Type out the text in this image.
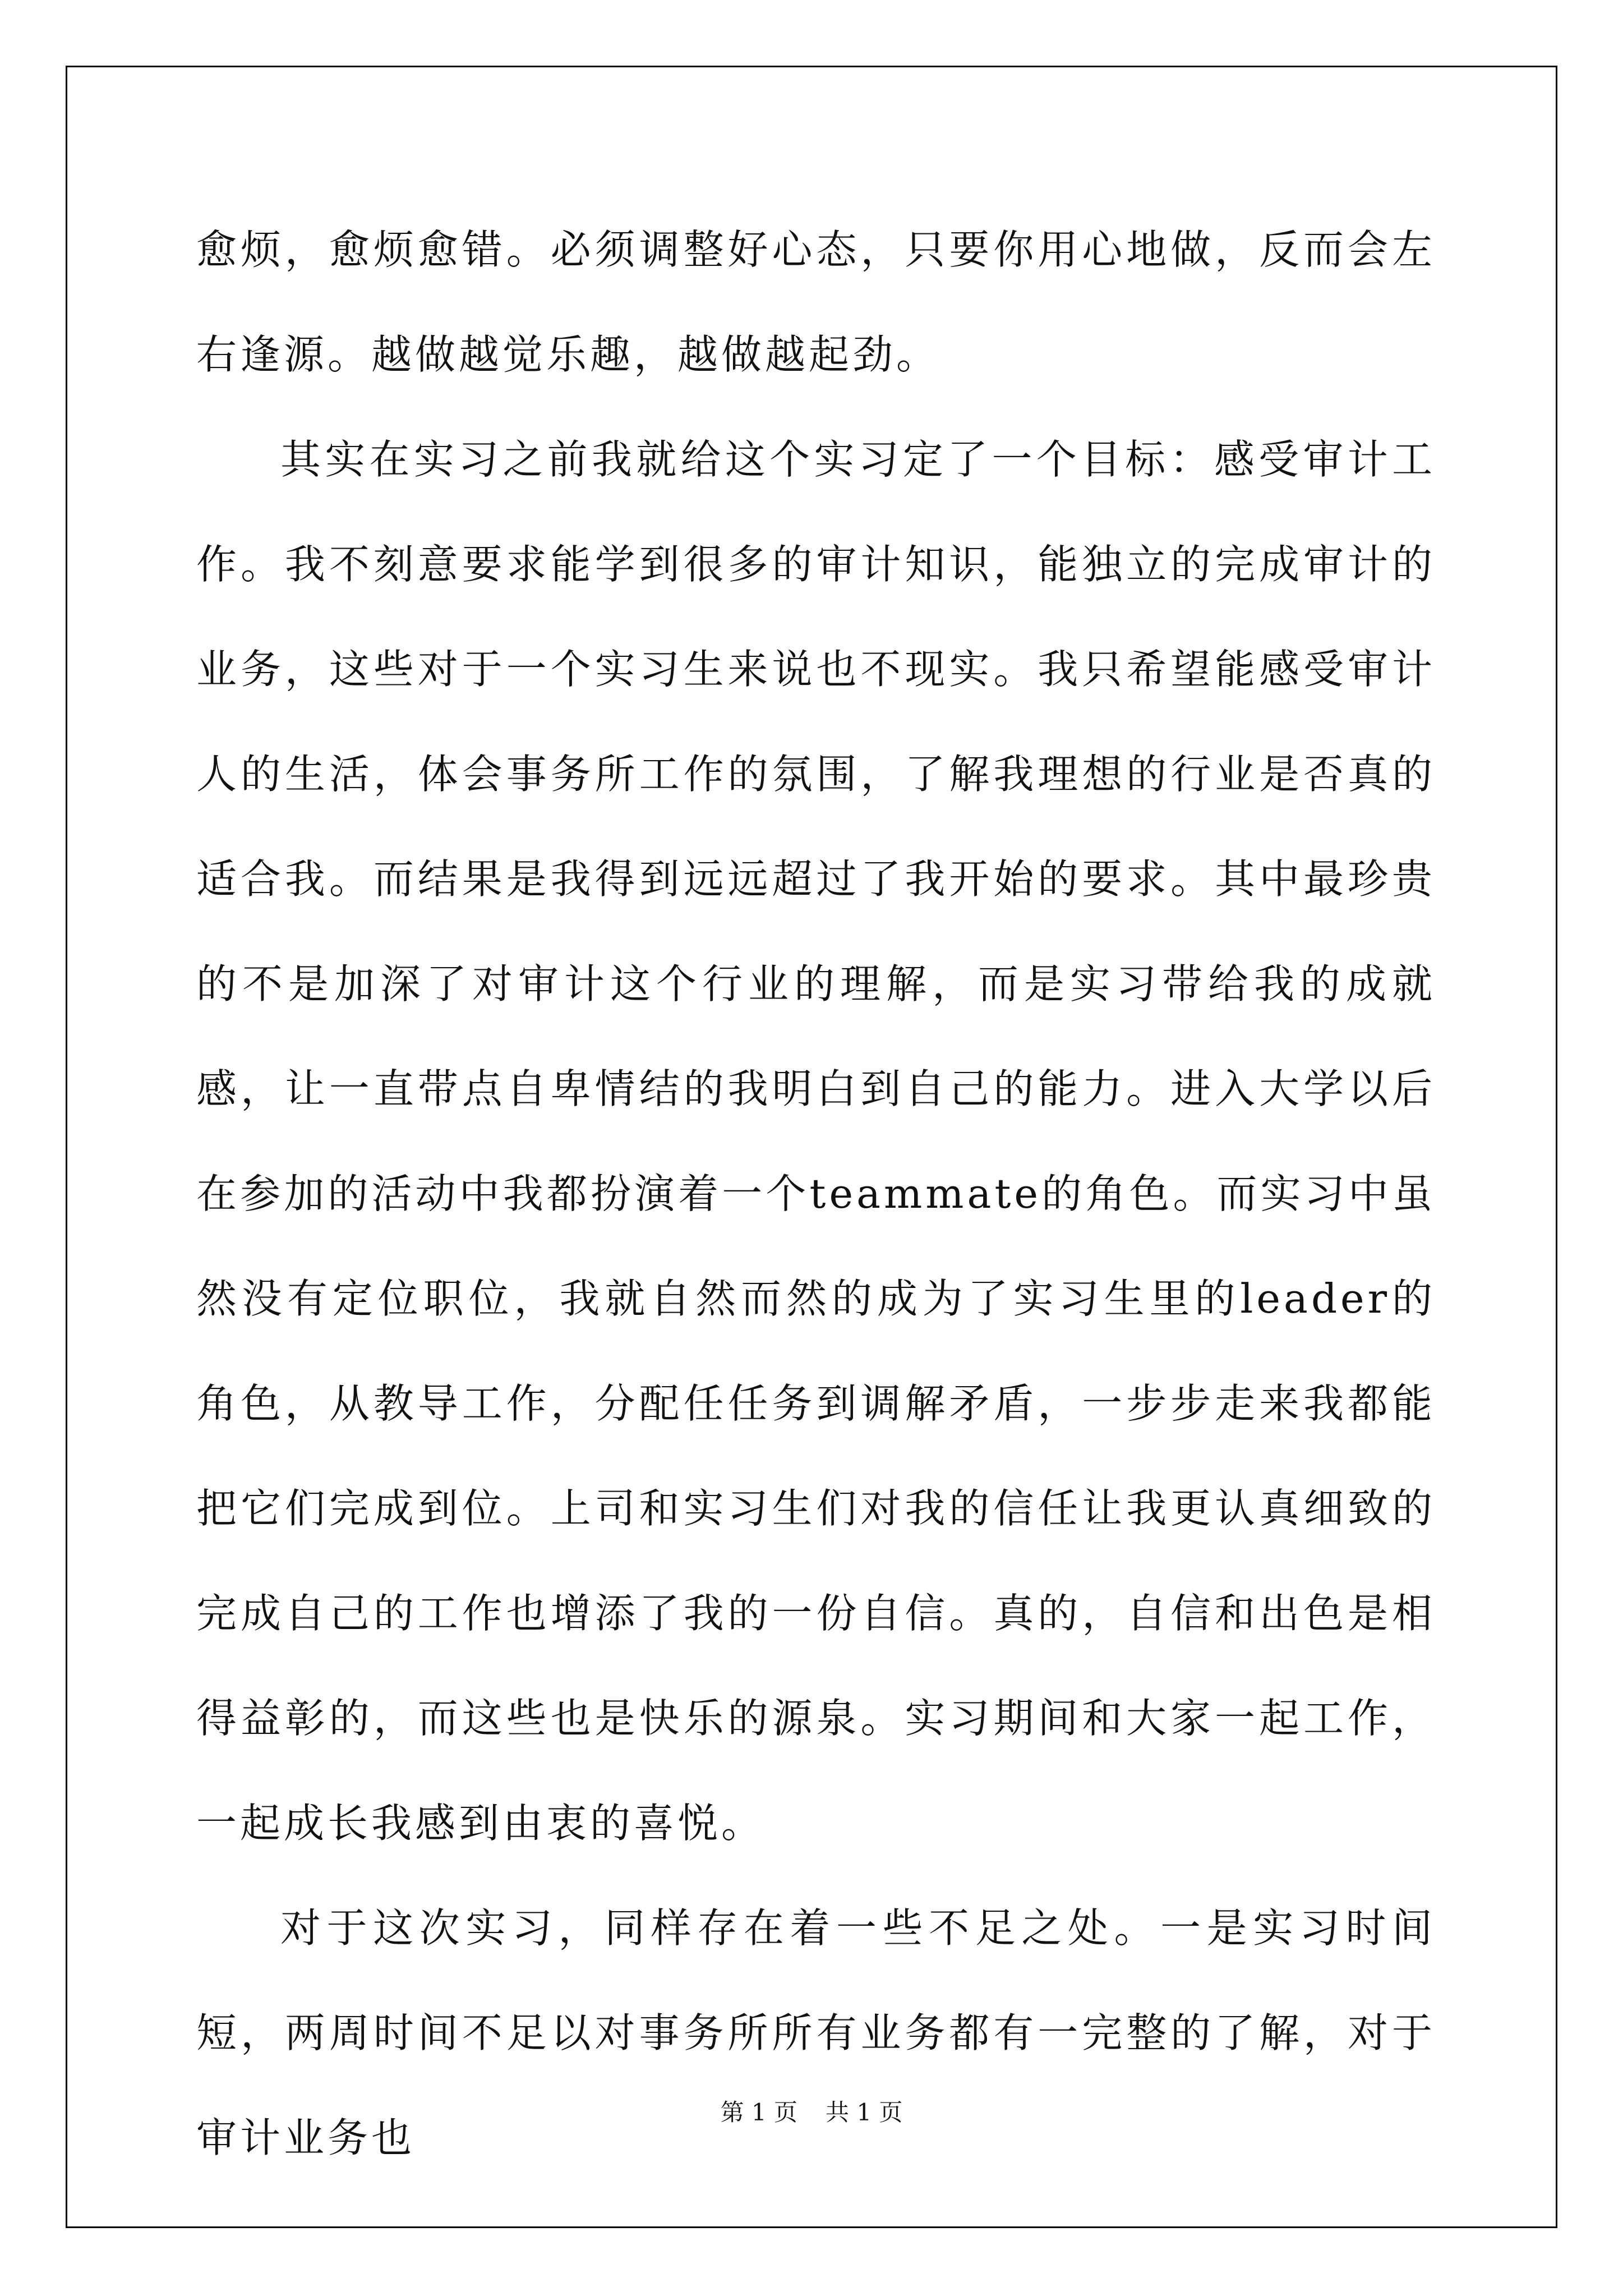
愈烦，愈烦愈错。必须调整好心态，只要你用心地做，反而会左右逢源。越做越觉乐趣，越做越起劲。

其实在实习之前我就给这个实习定了一个目标：感受审计工作。我不刻意要求能学到很多的审计知识，能独立的完成审计的业务，这些对于一个实习生来说也不现实。我只希望能感受审计人的生活，体会事务所工作的氛围，了解我理想的行业是否真的适合我。而结果是我得到远远超过了我开始的要求。其中最珍贵的不是加深了对审计这个行业的理解，而是实习带给我的成就感，让一直带点自卑情结的我明白到自己的能力。进入大学以后在参加的活动中我都扮演着一个teammate的角色。而实习中虽然没有定位职位，我就自然而然的成为了实习生里的leader的角色，从教导工作，分配任任务到调解矛盾，一步步走来我都能把它们完成到位。上司和实习生们对我的信任让我更认真细致的完成自己的工作也增添了我的一份自信。真的，自信和出色是相得益彰的，而这些也是快乐的源泉。实习期间和大家一起工作，一起成长我感到由衷的喜悦。

对于这次实习，同样存在着一些不足之处。一是实习时间短，两周时间不足以对事务所所有业务都有一完整的了解，对于审计业务也

第 1 页 共 1 页
